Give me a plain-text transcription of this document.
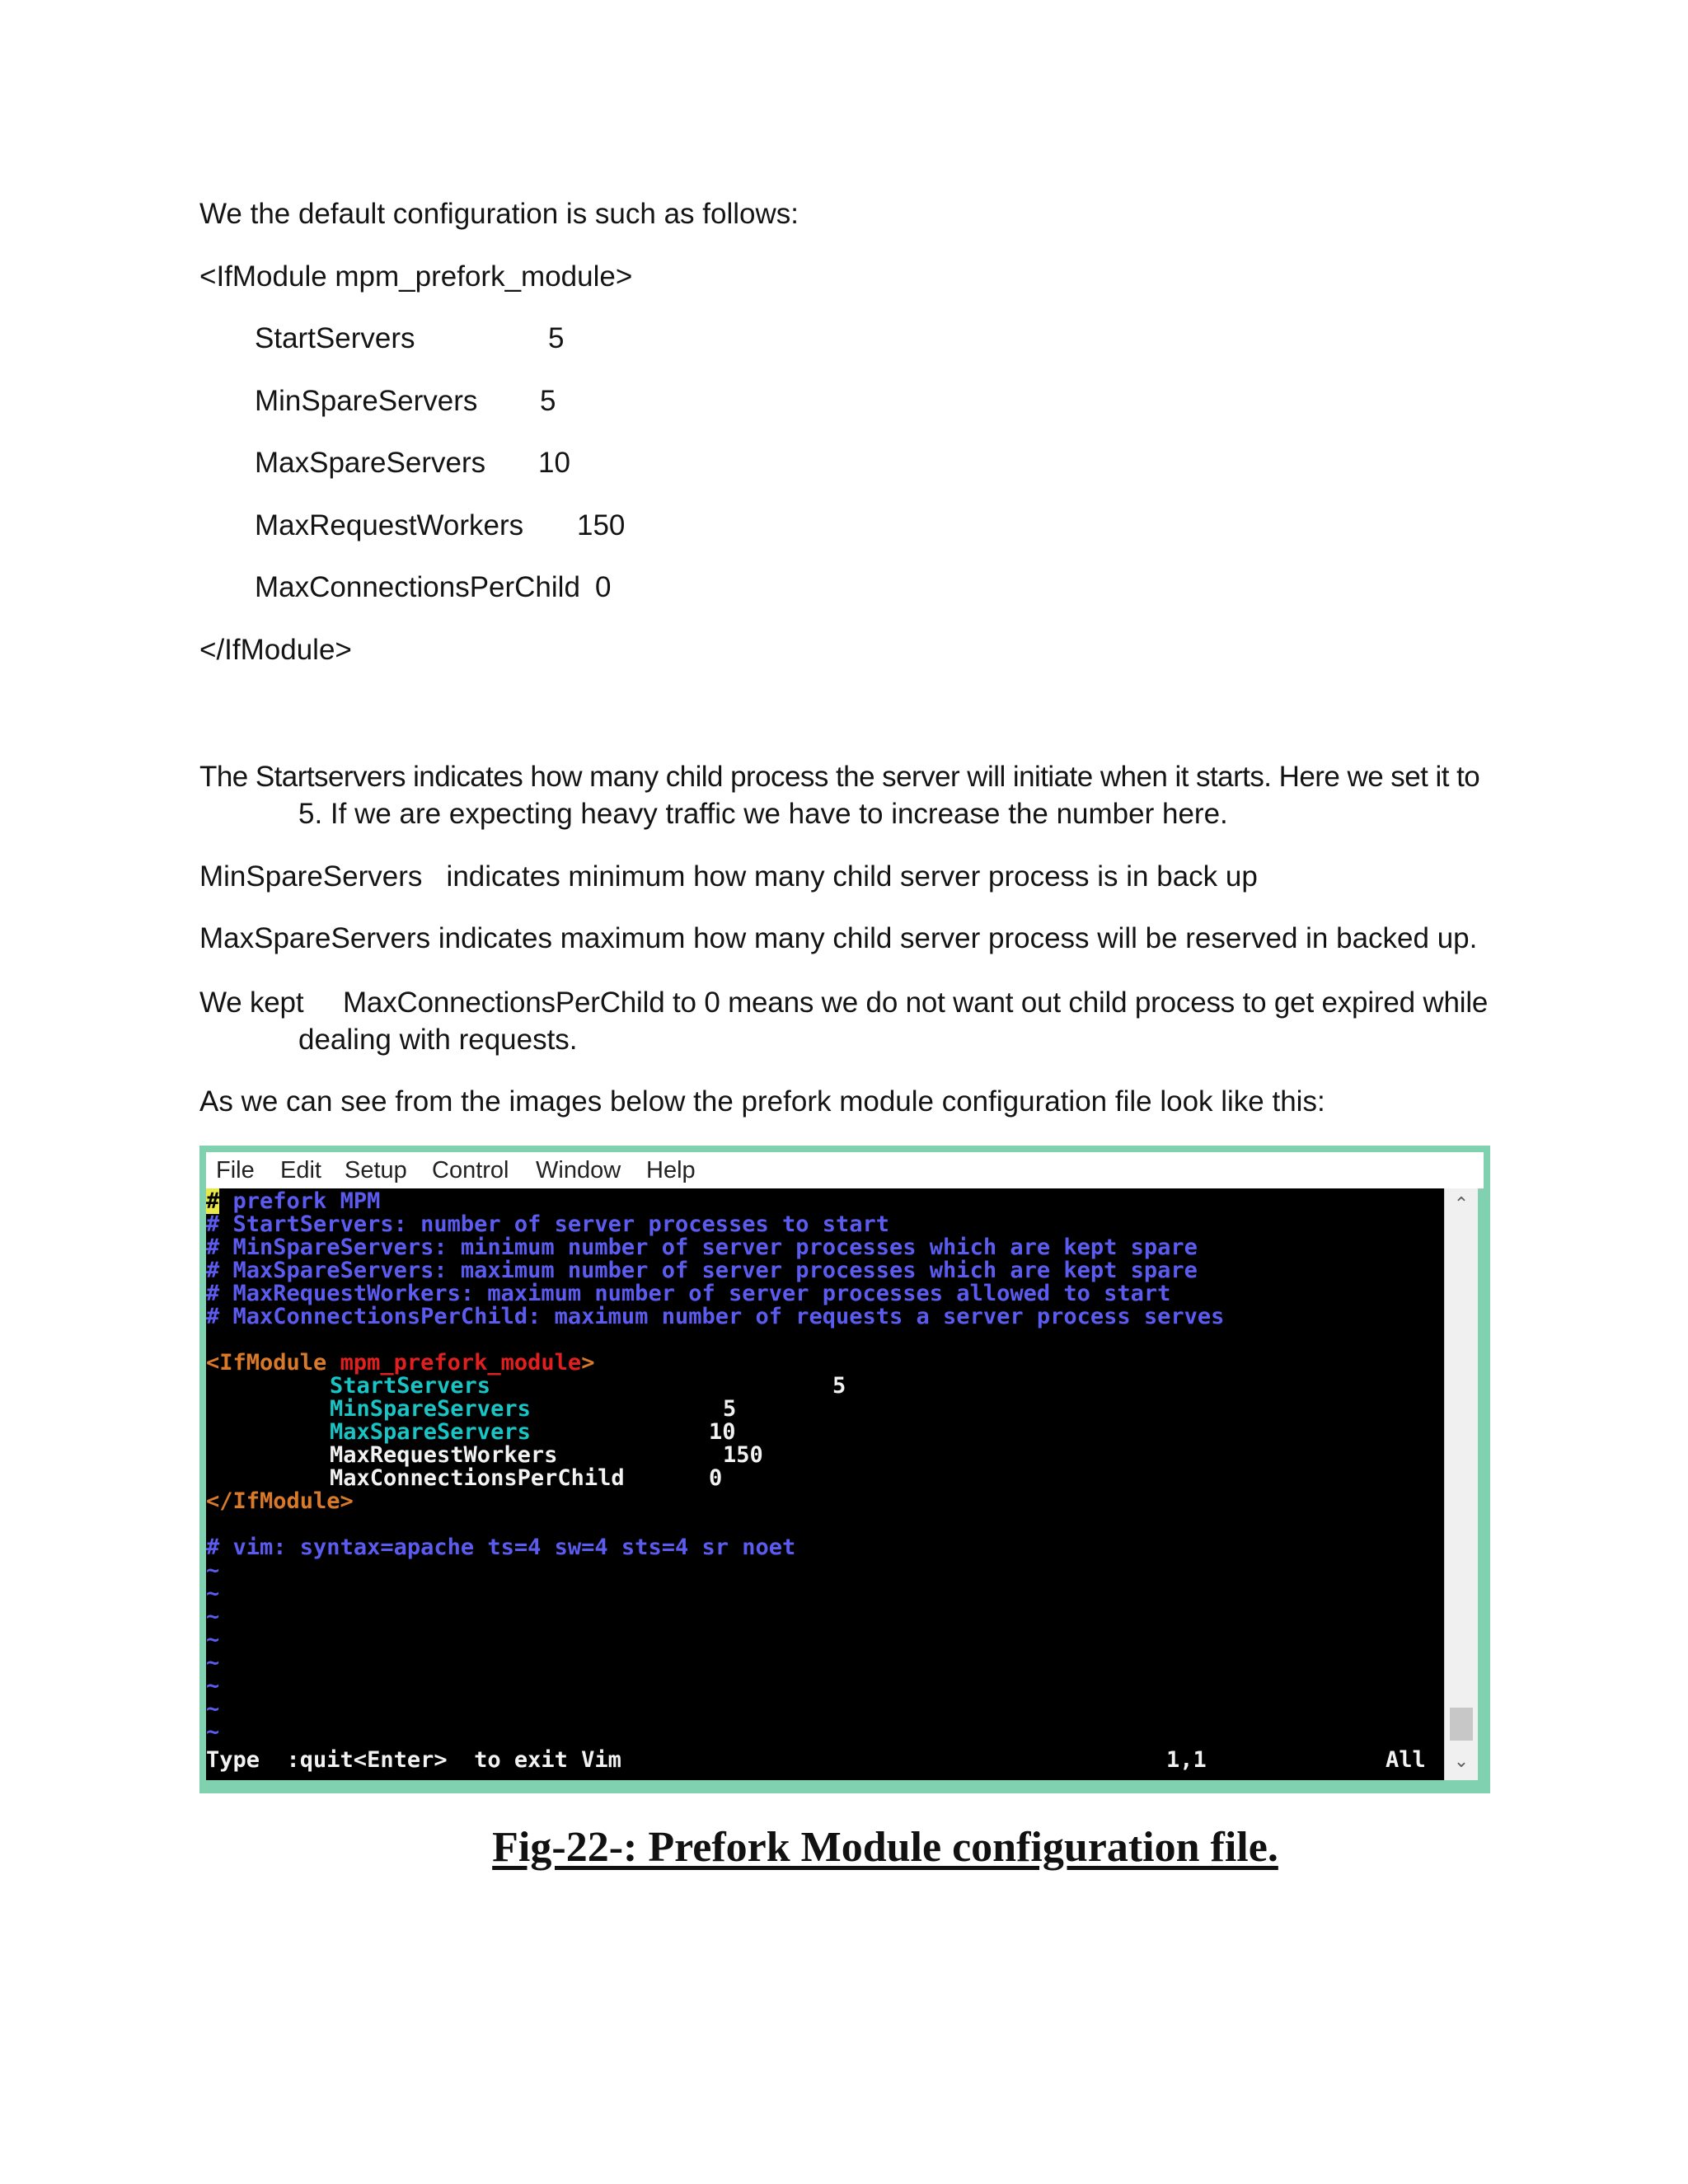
We the default configuration is such as follows:
<IfModule mpm_prefork_module>
StartServers	5
MinSpareServers 5
MaxSpareServers 10
MaxRequestWorkers 150
MaxConnectionsPerChild 0
</IfModule>
The Startservers indicates how many child process the server will initiate when it starts. Here we set it to
5. If we are expecting heavy traffic we have to increase the number here.
MinSpareServers   indicates minimum how many child server process is in back up
MaxSpareServers indicates maximum how many child server process will be reserved in backed up.
We kept     MaxConnectionsPerChild to 0 means we do not want out child process to get expired while
dealing with requests.
As we can see from the images below the prefork module configuration file look like this:
File Edit Setup Control Window Help
# prefork MPM
# StartServers: number of server processes to start
# MinSpareServers: minimum number of server processes which are kept spare
# MaxSpareServers: maximum number of server processes which are kept spare
# MaxRequestWorkers: maximum number of server processes allowed to start
# MaxConnectionsPerChild: maximum number of requests a server process serves
<IfModule mpm_prefork_module>
StartServers	5
MinSpareServers	5
MaxSpareServers	10
MaxRequestWorkers	150
MaxConnectionsPerChild	0
</IfModule>
# vim: syntax=apache ts=4 sw=4 sts=4 sr noet
~
~
~
~
~
~
~
~
Type  :quit<Enter>  to exit Vim	1,1	All
⌃
⌄
Fig-22-: Prefork Module configuration file.
